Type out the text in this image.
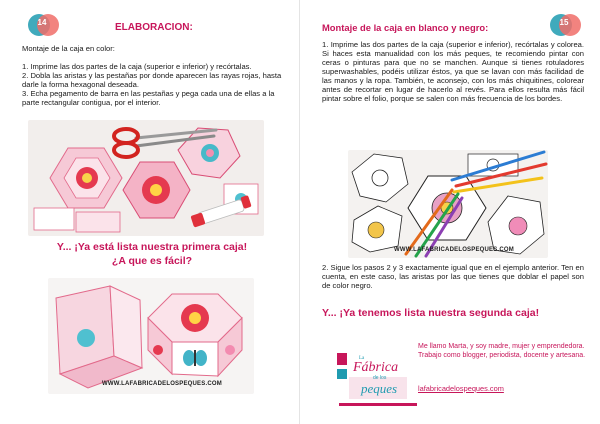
14	ELABORACION:
Montaje de la caja en color:
1. Imprime las dos partes de la caja (superior e inferior) y recórtalas.
2. Dobla las aristas y las pestañas por donde aparecen las rayas rojas, hasta darle la forma hexagonal deseada.
3. Echa pegamento de barra en las pestañas y pega cada una de ellas a la parte rectangular contigua, por el interior.
Y... ¡Ya está lista nuestra primera caja!
¿A que es fácil?
WWW.LAFABRICADELOSPEQUES.COM
15
Montaje de la caja en blanco y negro:
1. Imprime las dos partes de la caja (superior e inferior), recórtalas y colorea. Si haces esta manualidad con los más peques, te recomiendo pintar con ceras o pinturas para que no se manchen. Aunque si tienes rotuladores superwashables, podéis utilizar éstos, ya que se lavan con más facilidad de las manos y la ropa. También, te aconsejo, con los más chiquitines, colorear antes de recortar en lugar de hacerlo al revés. Para ellos resulta más fácil pintar sobre el folio, porque se salen con más frecuencia de los bordes.
WWW.LAFABRICADELOSPEQUES.COM
2. Sigue los pasos 2 y 3 exactamente igual que en el ejemplo anterior. Ten en cuenta, en este caso, las aristas por las que tienes que doblar el papel son de color negro.
Y... ¡Ya tenemos lista nuestra segunda caja!
La
Fábrica
de los
peques

Me llamo Marta, y soy madre, mujer y emprendedora.

Trabajo como blogger, periodista, docente y artesana.

lafabricadelospeques.com
